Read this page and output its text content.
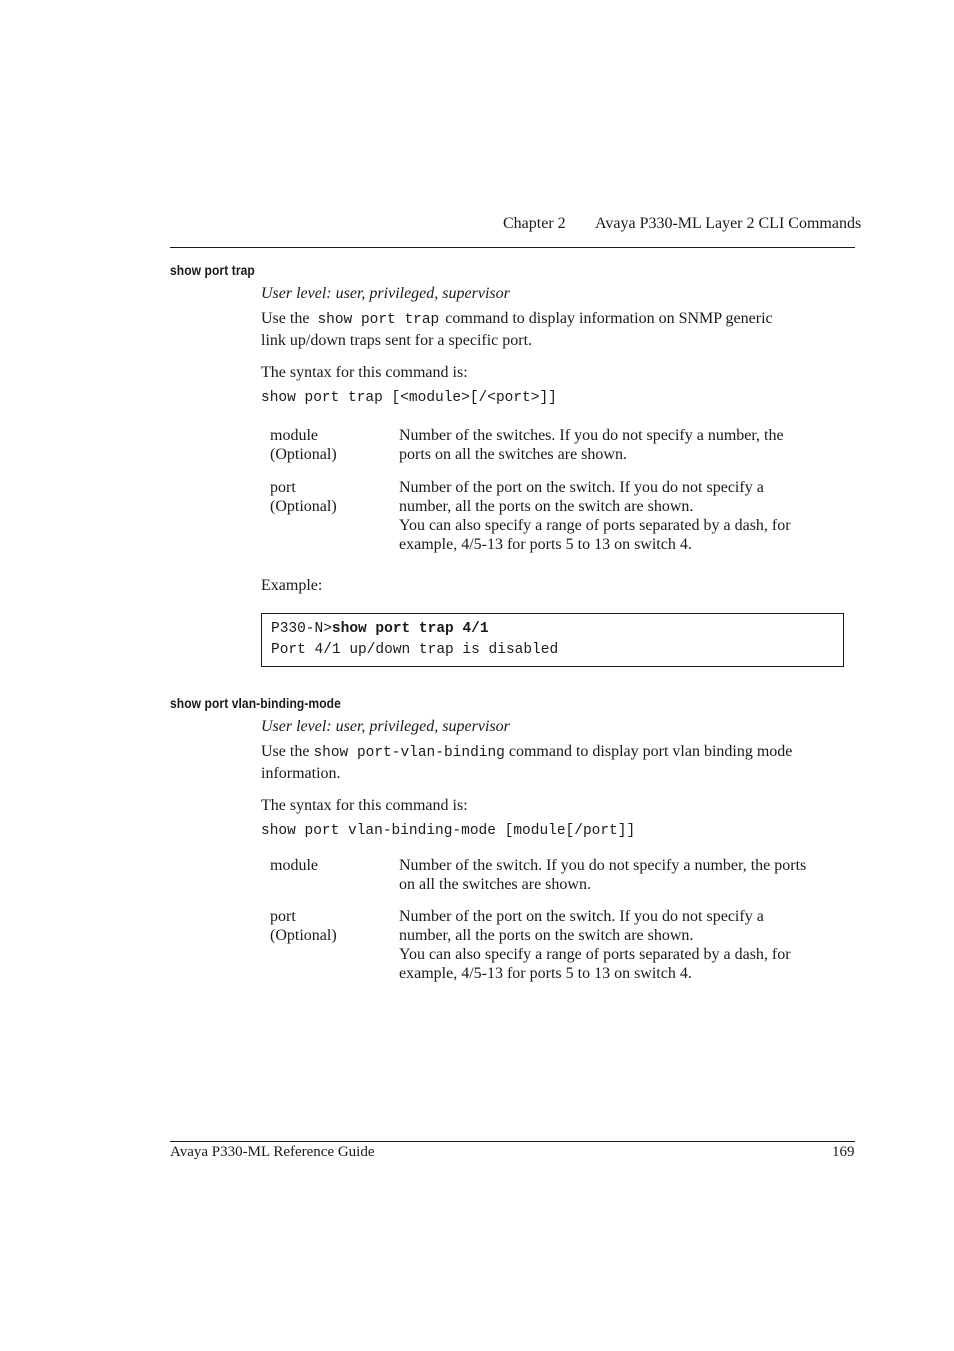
Chapter 2 Avaya P330-ML Layer 2 CLI Commands
show port trap
User level: user, privileged, supervisor
Use the show port trap command to display information on SNMP generic
link up/down traps sent for a specific port.
The syntax for this command is:
show port trap [<module>[/<port>]]
module
(Optional)
Number of the switches. If you do not specify a number, the
ports on all the switches are shown.
port
(Optional)
Number of the port on the switch. If you do not specify a
number, all the ports on the switch are shown.
You can also specify a range of ports separated by a dash, for
example, 4/5-13 for ports 5 to 13 on switch 4.
Example:
P330-N>show port trap 4/1
Port 4/1 up/down trap is disabled
show port vlan-binding-mode
User level: user, privileged, supervisor
Use the show port-vlan-binding command to display port vlan binding mode
information.
The syntax for this command is:
show port vlan-binding-mode [module[/port]]
module	Number of the switch. If you do not specify a number, the ports
on all the switches are shown.
port
(Optional)
Number of the port on the switch. If you do not specify a
number, all the ports on the switch are shown.
You can also specify a range of ports separated by a dash, for
example, 4/5-13 for ports 5 to 13 on switch 4.
Avaya P330-ML Reference Guide	169
